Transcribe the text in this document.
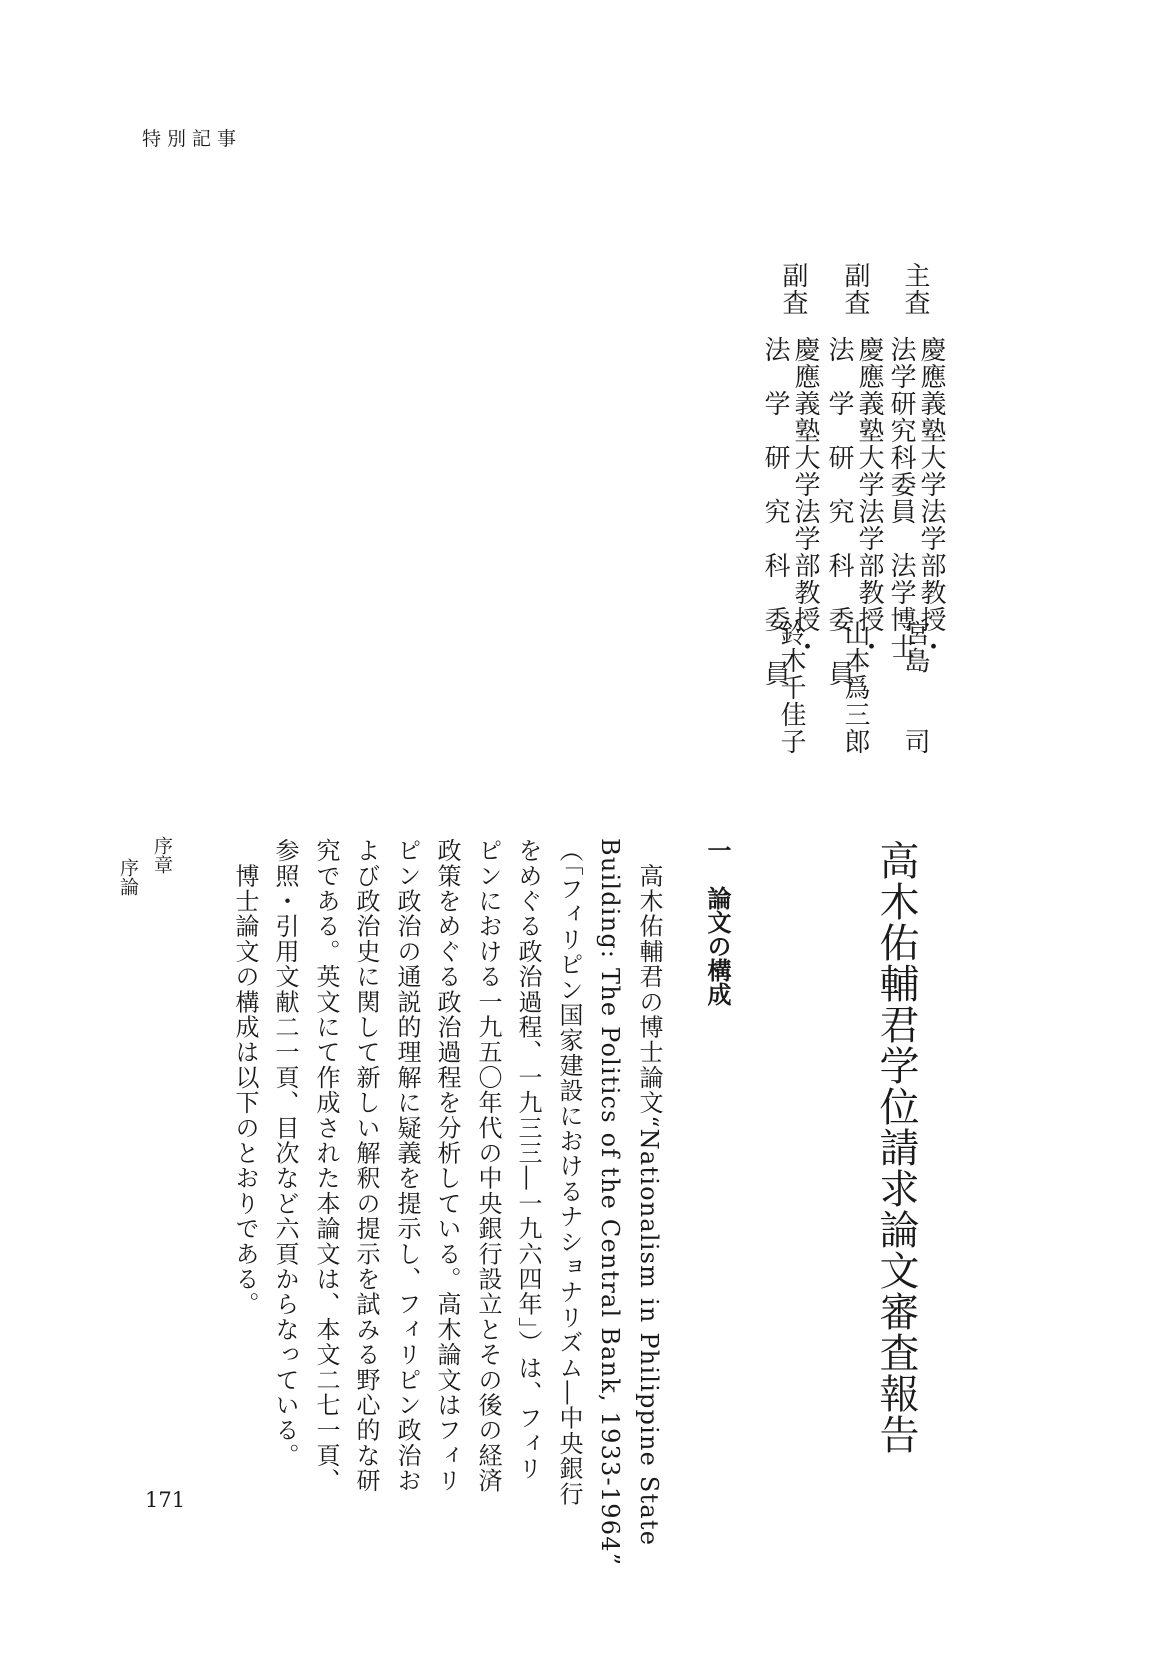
特別記事
主査
慶應義塾大学法学部教授・
法学研究科委員　法学博士
宮島　　司
副査
慶應義塾大学法学部教授・
法　学　研　究　科　委　員
山本爲三郎
副査
慶應義塾大学法学部教授・
法　学　研　究　科　委　員
鈴木千佳子
高木佑輔君学位請求論文審査報告
一　論文の構成
　高木佑輔君の博士論文“Nationalism in Philippine State
Building: The Politics of the Central Bank, 1933-1964”
（「フィリピン国家建設におけるナショナリズム―中央銀行
をめぐる政治過程、一九三三―一九六四年」）は、フィリ
ピンにおける一九五〇年代の中央銀行設立とその後の経済
政策をめぐる政治過程を分析している。高木論文はフィリ
ピン政治の通説的理解に疑義を提示し、フィリピン政治お
よび政治史に関して新しい解釈の提示を試みる野心的な研
究である。英文にて作成された本論文は、本文二七一頁、
参照・引用文献二一頁、目次など六頁からなっている。
　博士論文の構成は以下のとおりである。
序章
序論
171
